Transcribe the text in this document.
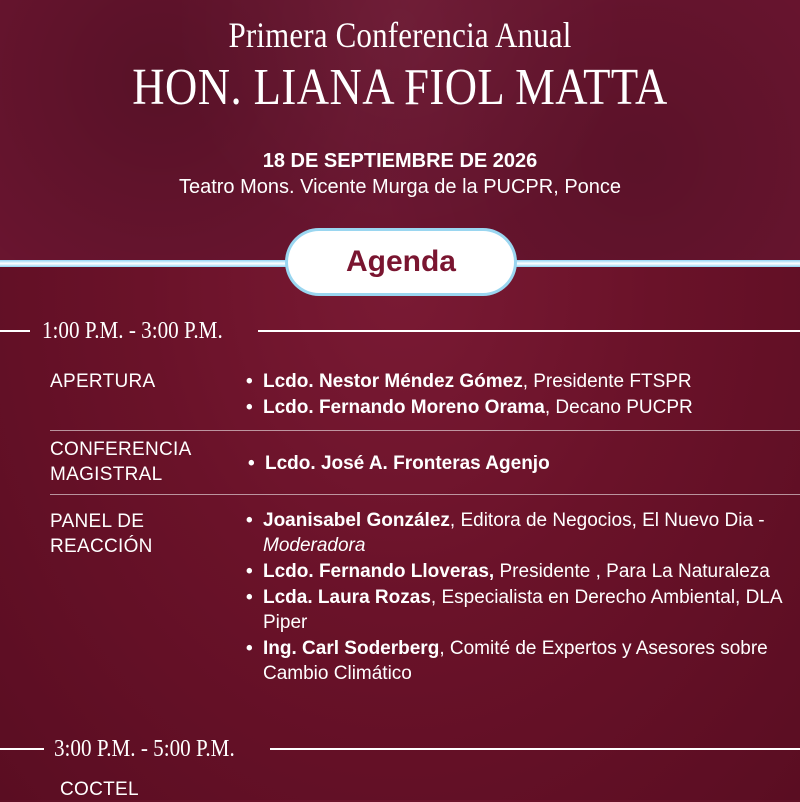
Primera Conferencia Anual
HON. LIANA FIOL MATTA
18 DE SEPTIEMBRE DE 2026
Teatro Mons. Vicente Murga de la PUCPR, Ponce
Agenda
1:00 P.M. - 3:00 P.M.
APERTURA	• Lcdo. Nestor Méndez Gómez, Presidente FTSPR
• Lcdo. Fernando Moreno Orama, Decano PUCPR
CONFERENCIA
MAGISTRAL
• Lcdo. José A. Fronteras Agenjo
PANEL DE
REACCIÓN
• Joanisabel González, Editora de Negocios, El Nuevo Dia - Moderadora
• Lcdo. Fernando Lloveras, Presidente , Para La Naturaleza
• Lcda. Laura Rozas, Especialista en Derecho Ambiental, DLA Piper
• Ing. Carl Soderberg, Comité de Expertos y Asesores sobre Cambio Climático
3:00 P.M. - 5:00 P.M.
COCTEL
